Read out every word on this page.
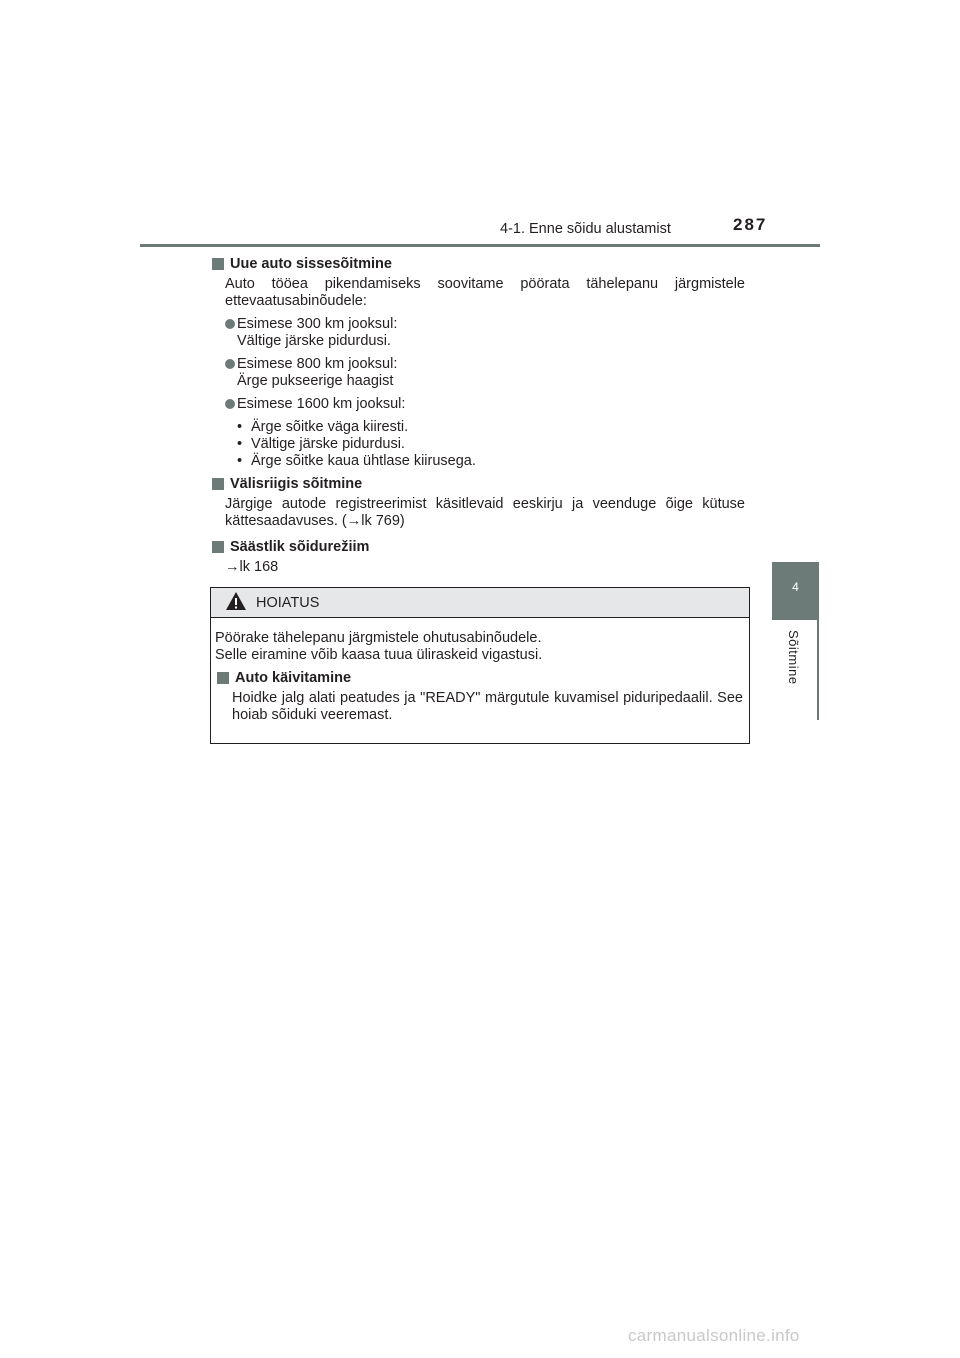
4-1. Enne sõidu alustamist	287
4
Sõitmine
Uue auto sissesõitmine
Auto tööea pikendamiseks soovitame pöörata tähelepanu järgmistele ettevaatusabinõudele:
Esimese 300 km jooksul:
Vältige järske pidurdusi.
Esimese 800 km jooksul:
Ärge pukseerige haagist
Esimese 1600 km jooksul:
• Ärge sõitke väga kiiresti.
• Vältige järske pidurdusi.
• Ärge sõitke kaua ühtlase kiirusega.
Välisriigis sõitmine
Järgige autode registreerimist käsitlevaid eeskirju ja veenduge õige kütuse kättesaadavuses. (→lk 769)
Säästlik sõidurežiim
→lk 168
HOIATUS
Pöörake tähelepanu järgmistele ohutusabinõudele.
Selle eiramine võib kaasa tuua üliraskeid vigastusi.
Auto käivitamine
Hoidke jalg alati peatudes ja "READY" märgutule kuvamisel piduripedaalil. See hoiab sõiduki veeremast.
carmanualsonline.info
